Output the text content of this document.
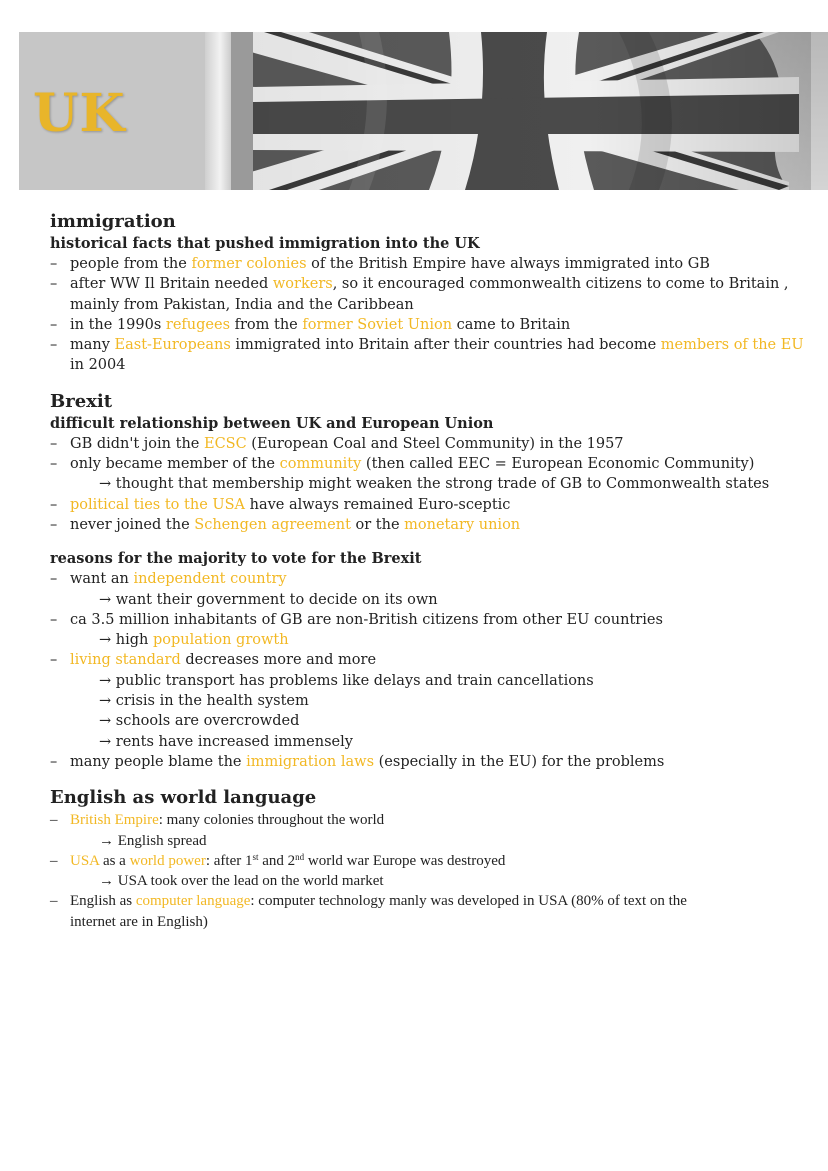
UK
immigration
historical facts that pushed immigration into the UK
– people from the former colonies of the British Empire have always immigrated into GB
– after WW Il Britain needed workers, so it encouraged commonwealth citizens to come to Britain ,
mainly from Pakistan, India and the Caribbean
– in the 1990s refugees from the former Soviet Union came to Britain
– many East-Europeans immigrated into Britain after their countries had become members of the EU
in 2004
Brexit
difficult relationship between UK and European Union
– GB didn't join the ECSC (European Coal and Steel Community) in the 1957
– only became member of the community (then called EEC = European Economic Community)
→ thought that membership might weaken the strong trade of GB to Commonwealth states
– political ties to the USA have always remained Euro-sceptic
– never joined the Schengen agreement or the monetary union
reasons for the majority to vote for the Brexit
– want an independent country
→ want their government to decide on its own
– ca 3.5 million inhabitants of GB are non-British citizens from other EU countries
→ high population growth
– living standard decreases more and more
→ public transport has problems like delays and train cancellations
→ crisis in the health system
→ schools are overcrowded
→ rents have increased immensely
– many people blame the immigration laws (especially in the EU) for the problems
English as world language
– British Empire: many colonies throughout the world
→ English spread
– USA as a world power: after 1st and 2nd world war Europe was destroyed
→ USA took over the lead on the world market
– English as computer language: computer technology manly was developed in USA (80% of text on the
internet are in English)
